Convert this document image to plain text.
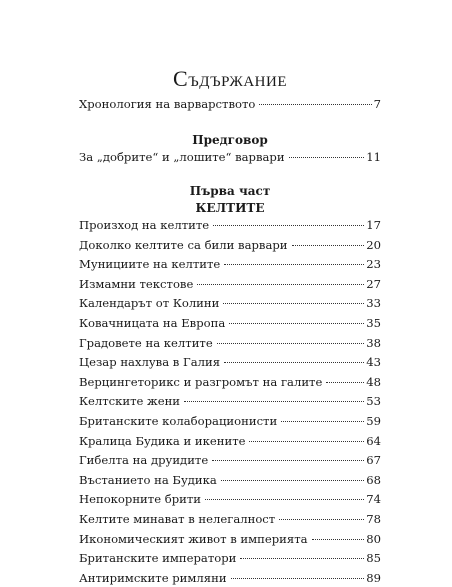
Съдържание
Хронология на варварството	7
Предговор
За „добрите“ и „лошите“ варвари	11
Първа част
КЕЛТИТЕ
Произход на келтите	17
Доколко келтите са били варвари	20
Мунициите на келтите	23
Измамни текстове	27
Календарът от Колини	33
Ковачницата на Европа	35
Градовете на келтите	38
Цезар нахлува в Галия	43
Верцингеторикс и разгромът на галите	48
Келтските жени	53
Британските колаборационисти	59
Кралица Будика и икените	64
Гибелта на друидите	67
Въстанието на Будика	68
Непокорните брити	74
Келтите минават в нелегалност	78
Икономическият живот в империята	80
Британските императори	85
Антиримските римляни	89
